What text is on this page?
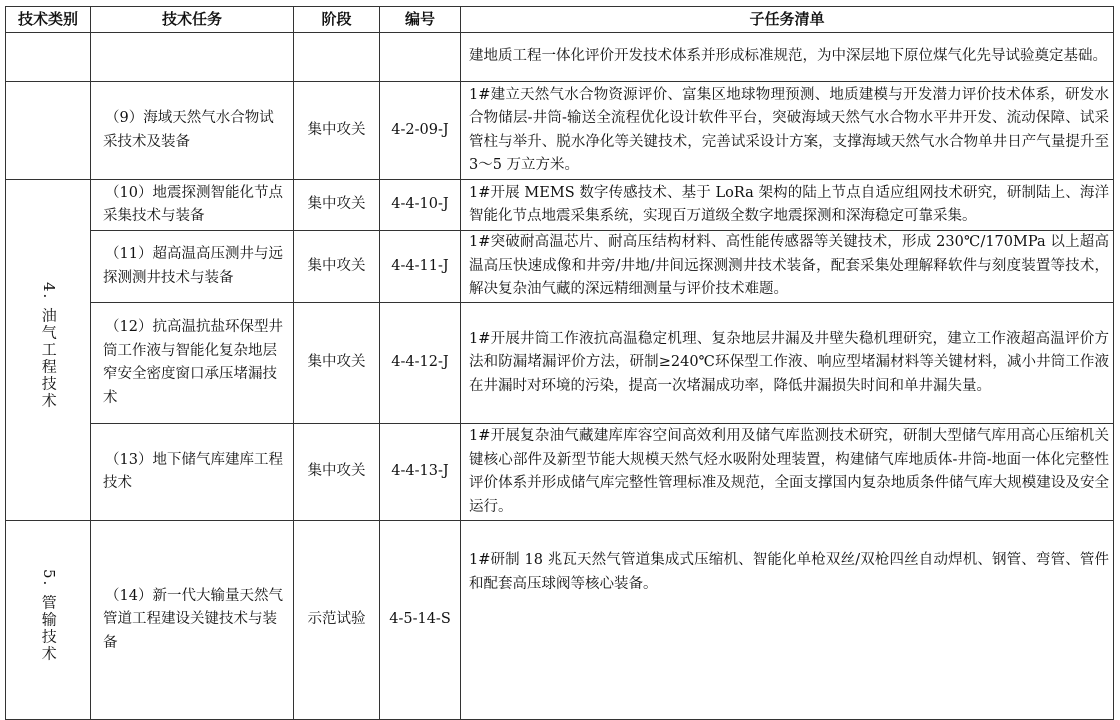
技术类别	技术任务	阶段	编号	子任务清单
				建地质工程一体化评价开发技术体系并形成标准规范，为中深层地下原位煤气化先导试验奠定基础。

	（9）海域天然气水合物试采技术及装备	集中攻关	4-2-09-J	1#建立天然气水合物资源评价、富集区地球物理预测、地质建模与开发潜力评价技术体系，研发水合物储层-井筒-输送全流程优化设计软件平台，突破海域天然气水合物水平井开发、流动保障、试采管柱与举升、脱水净化等关键技术，完善试采设计方案，支撑海域天然气水合物单井日产气量提升至 3～5 万立方米。
4. 油气工程技术	（10）地震探测智能化节点采集技术与装备	集中攻关	4-4-10-J	1#开展 MEMS 数字传感技术、基于 LoRa 架构的陆上节点自适应组网技术研究，研制陆上、海洋智能化节点地震采集系统，实现百万道级全数字地震探测和深海稳定可靠采集。

	（11）超高温高压测井与远探测测井技术与装备	集中攻关	4-4-11-J	1#突破耐高温芯片、耐高压结构材料、高性能传感器等关键技术，形成 230℃/170MPa 以上超高温高压快速成像和井旁/井地/井间远探测测井技术装备，配套采集处理解释软件与刻度装置等技术，解决复杂油气藏的深远精细测量与评价技术难题。

	（12）抗高温抗盐环保型井筒工作液与智能化复杂地层窄安全密度窗口承压堵漏技术	集中攻关	4-4-12-J	1#开展井筒工作液抗高温稳定机理、复杂地层井漏及井壁失稳机理研究，建立工作液超高温评价方法和防漏堵漏评价方法，研制≥240℃环保型工作液、响应型堵漏材料等关键材料，减小井筒工作液在井漏时对环境的污染，提高一次堵漏成功率，降低井漏损失时间和单井漏失量。

	（13）地下储气库建库工程技术	集中攻关	4-4-13-J	1#开展复杂油气藏建库库容空间高效利用及储气库监测技术研究，研制大型储气库用高心压缩机关键核心部件及新型节能大规模天然气烃水吸附处理装置，构建储气库地质体-井筒-地面一体化完整性评价体系并形成储气库完整性管理标准及规范，全面支撑国内复杂地质条件储气库大规模建设及安全运行。
5. 管输技术	（14）新一代大输量天然气管道工程建设关键技术与装备	示范试验	4-5-14-S	1#研制 18 兆瓦天然气管道集成式压缩机、智能化单枪双丝/双枪四丝自动焊机、钢管、弯管、管件和配套高压球阀等核心装备。
